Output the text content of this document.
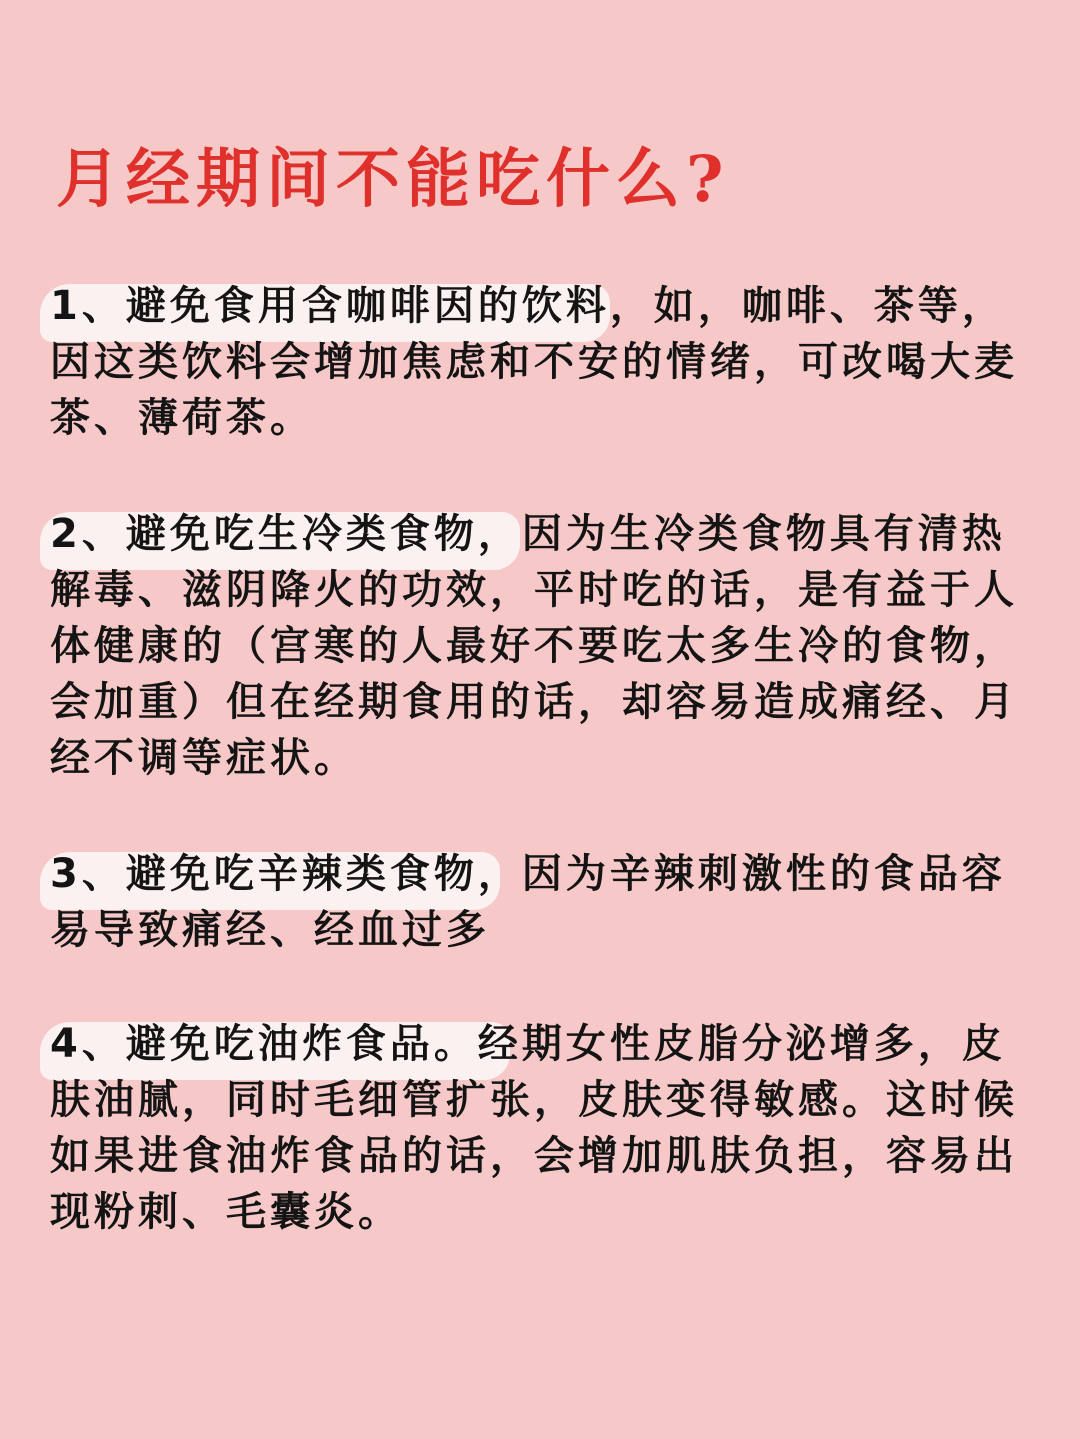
月经期间不能吃什么?

1、避免食用含咖啡因的饮料，如，咖啡、茶等，因这类饮料会增加焦虑和不安的情绪，可改喝大麦茶、薄荷茶。

2、避免吃生冷类食物，因为生冷类食物具有清热解毒、滋阴降火的功效，平时吃的话，是有益于人体健康的（宫寒的人最好不要吃太多生冷的食物，会加重）但在经期食用的话，却容易造成痛经、月经不调等症状。

3、避免吃辛辣类食物，因为辛辣刺激性的食品容易导致痛经、经血过多

4、避免吃油炸食品。经期女性皮脂分泌增多，皮肤油腻，同时毛细管扩张，皮肤变得敏感。这时候如果进食油炸食品的话，会增加肌肤负担，容易出现粉刺、毛囊炎。
